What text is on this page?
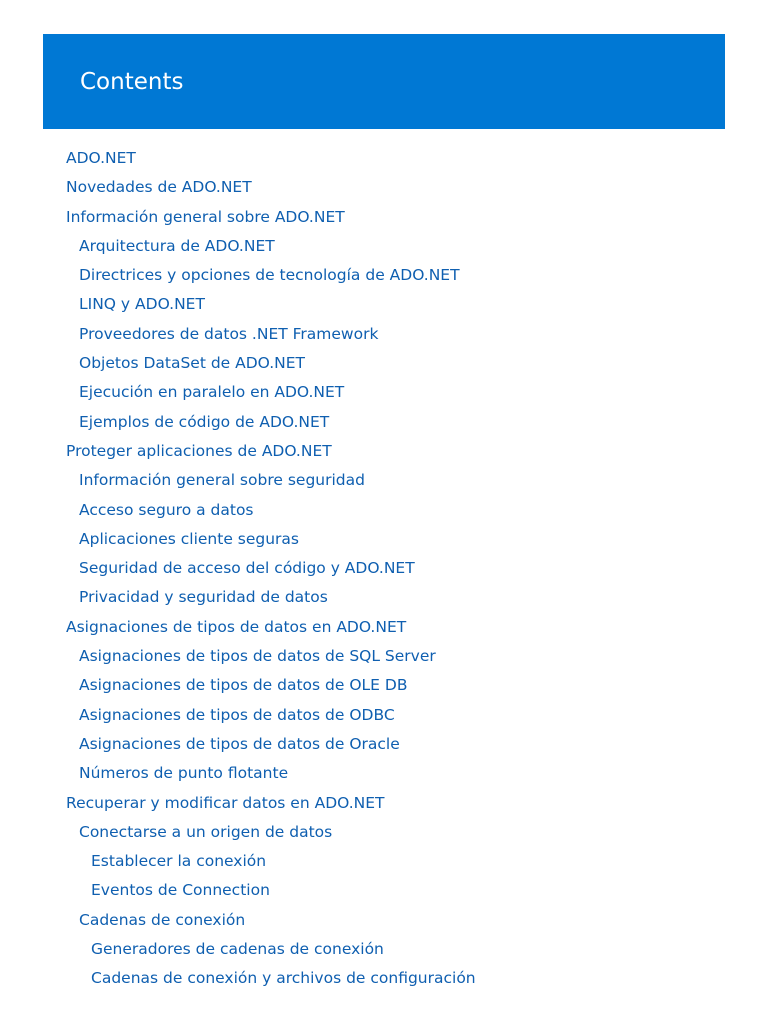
Contents
ADO.NET
Novedades de ADO.NET
Información general sobre ADO.NET
Arquitectura de ADO.NET
Directrices y opciones de tecnología de ADO.NET
LINQ y ADO.NET
Proveedores de datos .NET Framework
Objetos DataSet de ADO.NET
Ejecución en paralelo en ADO.NET
Ejemplos de código de ADO.NET
Proteger aplicaciones de ADO.NET
Información general sobre seguridad
Acceso seguro a datos
Aplicaciones cliente seguras
Seguridad de acceso del código y ADO.NET
Privacidad y seguridad de datos
Asignaciones de tipos de datos en ADO.NET
Asignaciones de tipos de datos de SQL Server
Asignaciones de tipos de datos de OLE DB
Asignaciones de tipos de datos de ODBC
Asignaciones de tipos de datos de Oracle
Números de punto flotante
Recuperar y modificar datos en ADO.NET
Conectarse a un origen de datos
Establecer la conexión
Eventos de Connection
Cadenas de conexión
Generadores de cadenas de conexión
Cadenas de conexión y archivos de configuración
